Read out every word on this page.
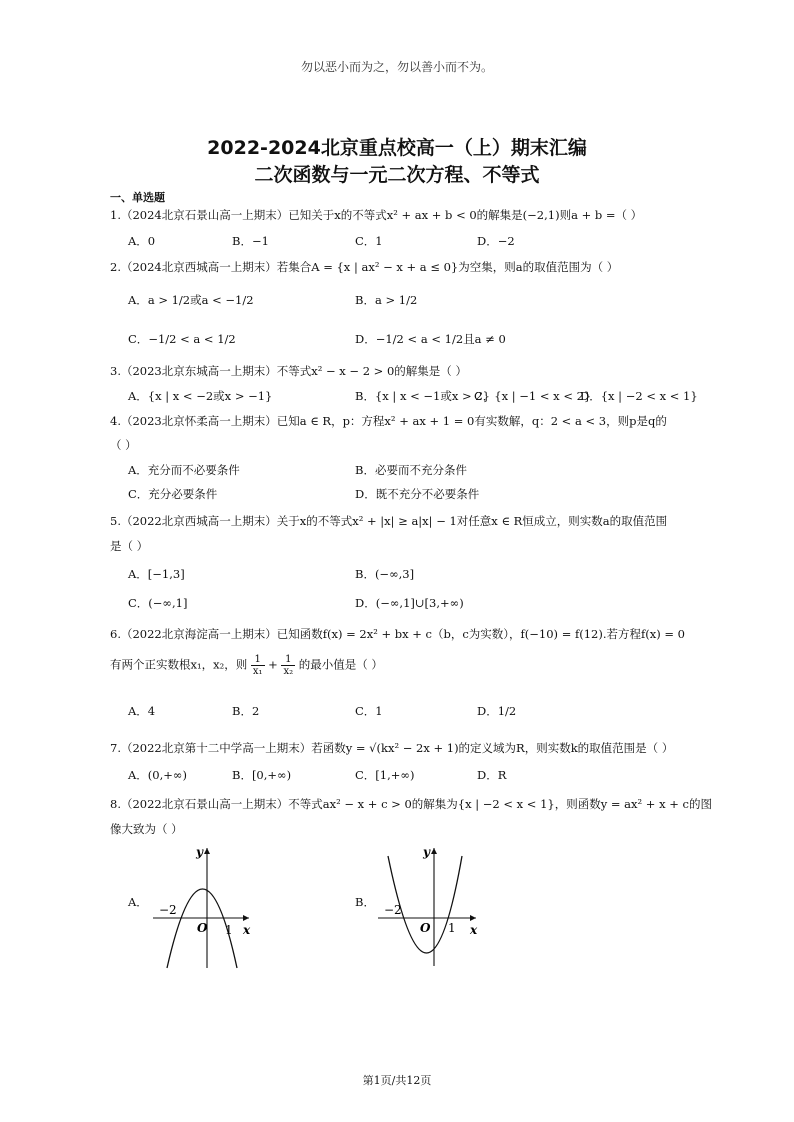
勿以恶小而为之，勿以善小而不为。
2022-2024北京重点校高一（上）期末汇编
二次函数与一元二次方程、不等式
一、单选题
1.（2024北京石景山高一上期末）已知关于x的不等式x² + ax + b < 0的解集是(−2,1)则a + b =（ ）
A．0	B．−1	C．1	D．−2
2.（2024北京西城高一上期末）若集合A = {x | ax² − x + a ≤ 0}为空集，则a的取值范围为（ ）
A．a > 1/2或a < −1/2	B．a > 1/2
C．−1/2 < a < 1/2	D．−1/2 < a < 1/2且a ≠ 0
3.（2023北京东城高一上期末）不等式x² − x − 2 > 0的解集是（ ）
A．{x | x < −2或x > −1}	B．{x | x < −1或x > 2}
C．{x | −1 < x < 2}
D．{x | −2 < x < 1}
4.（2023北京怀柔高一上期末）已知a ∈ R，p：方程x² + ax + 1 = 0有实数解，q：2 < a < 3，则p是q的
（ ）
A．充分而不必要条件	B．必要而不充分条件
C．充分必要条件	D．既不充分不必要条件
5.（2022北京西城高一上期末）关于x的不等式x² + |x| ≥ a|x| − 1对任意x ∈ R恒成立，则实数a的取值范围
是（ ）
A．[−1,3]	B．(−∞,3]
C．(−∞,1]	D．(−∞,1]∪[3,+∞)
6.（2022北京海淀高一上期末）已知函数f(x) = 2x² + bx + c（b，c为实数），f(−10) = f(12).若方程f(x) = 0
有两个正实数根x₁，x₂，则 $\frac{1}{\text{x₁}} + \frac{1}{\text{x₂}}$ 的最小值是（ ）
A．4	B．2	C．1	D．1/2
7.（2022北京第十二中学高一上期末）若函数y = √(kx² − 2x + 1)的定义域为R，则实数k的取值范围是（ ）
A．(0,+∞)	B．[0,+∞)	C．[1,+∞)	D．R
8.（2022北京石景山高一上期末）不等式ax² − x + c > 0的解集为{x | −2 < x < 1}，则函数y = ax² + x + c的图
像大致为（ ）
A．	B．
y
x
O
−2
1
y
x
O
−2
1
第1页/共12页
